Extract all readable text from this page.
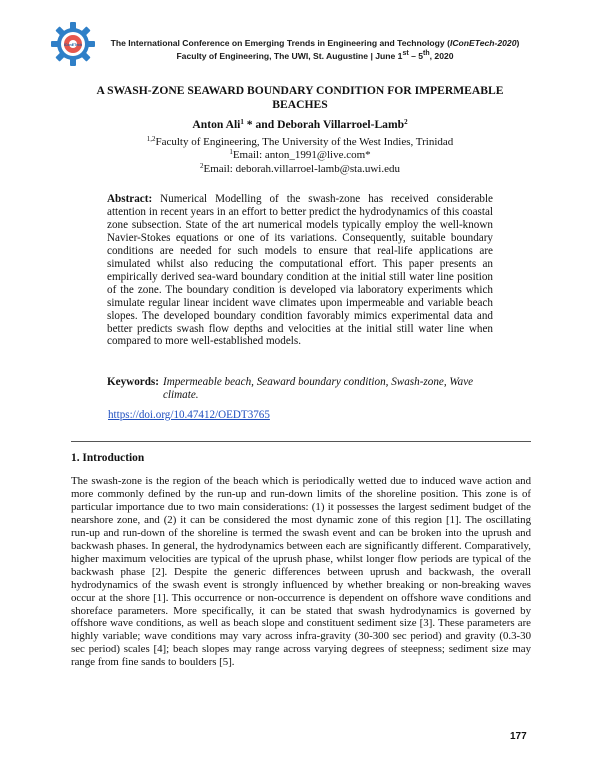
IConETech	The International Conference on Emerging Trends in Engineering and Technology (IConETech-2020)
Faculty of Engineering, The UWI, St. Augustine | June 1st – 5th, 2020
A SWASH-ZONE SEAWARD BOUNDARY CONDITION FOR IMPERMEABLE BEACHES
Anton Ali$^1$ * and Deborah Villarroel-Lamb$^2$
$^{1,2}$Faculty of Engineering, The University of the West Indies, Trinidad
$^1$Email: anton_1991@live.com*
$^2$Email: deborah.villarroel-lamb@sta.uwi.edu
Abstract: Numerical Modelling of the swash-zone has received considerable attention in recent years in an effort to better predict the hydrodynamics of this coastal zone subsection. State of the art numerical models typically employ the well-known Navier-Stokes equations or one of its variations. Consequently, suitable boundary conditions are needed for such models to ensure that real-life applications are simulated whilst also reducing the computational effort. This paper presents an empirically derived sea-ward boundary condition at the initial still water line position of the zone. The boundary condition is developed via laboratory experiments which simulate regular linear incident wave climates upon impermeable and variable beach slopes. The developed boundary condition favorably mimics experimental data and better predicts swash flow depths and velocities at the initial still water line when compared to more well-established models.
Keywords: Impermeable beach, Seaward boundary condition, Swash-zone, Wave climate.
https://doi.org/10.47412/OEDT3765
1. Introduction
The swash-zone is the region of the beach which is periodically wetted due to induced wave action and more commonly defined by the run-up and run-down limits of the shoreline position. This zone is of particular importance due to two main considerations: (1) it possesses the largest sediment budget of the nearshore zone, and (2) it can be considered the most dynamic zone of this region [1]. The oscillating run-up and run-down of the shoreline is termed the swash event and can be broken into the uprush and backwash phases. In general, the hydrodynamics between each are significantly different. Comparatively, higher maximum velocities are typical of the uprush phase, whilst longer flow periods are typical of the backwash phase [2]. Despite the generic differences between uprush and backwash, the overall hydrodynamics of the swash event is strongly influenced by whether breaking or non-breaking waves occur at the shore [1]. This occurrence or non-occurrence is dependent on offshore wave conditions and shoreface parameters. More specifically, it can be stated that swash hydrodynamics is governed by offshore wave conditions, as well as beach slope and constituent sediment size [3]. These parameters are highly variable; wave conditions may vary across infra-gravity (30-300 sec period) and gravity (0.3-30 sec period) scales [4]; beach slopes may range across varying degrees of steepness; sediment size may range from fine sands to boulders [5].
177
